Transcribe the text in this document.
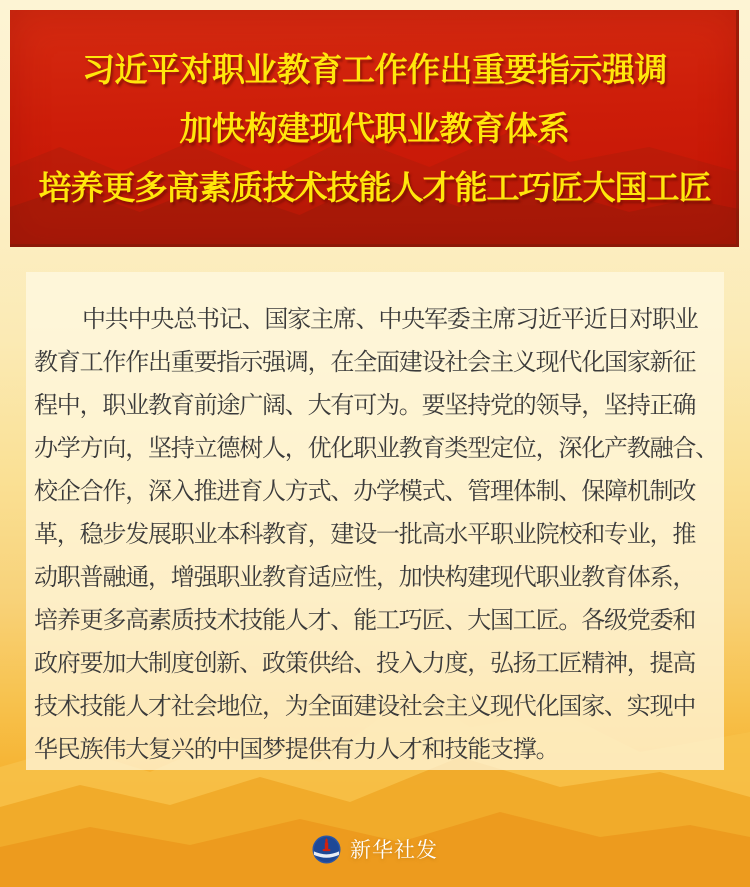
习近平对职业教育工作作出重要指示强调
加快构建现代职业教育体系
培养更多高素质技术技能人才能工巧匠大国工匠

中共中央总书记、国家主席、中央军委主席习近平近日对职业

教育工作作出重要指示强调，在全面建设社会主义现代化国家新征

程中，职业教育前途广阔、大有可为。要坚持党的领导，坚持正确

办学方向，坚持立德树人，优化职业教育类型定位，深化产教融合、

校企合作，深入推进育人方式、办学模式、管理体制、保障机制改

革，稳步发展职业本科教育，建设一批高水平职业院校和专业，推

动职普融通，增强职业教育适应性，加快构建现代职业教育体系，

培养更多高素质技术技能人才、能工巧匠、大国工匠。各级党委和

政府要加大制度创新、政策供给、投入力度，弘扬工匠精神，提高

技术技能人才社会地位，为全面建设社会主义现代化国家、实现中

华民族伟大复兴的中国梦提供有力人才和技能支撑。

新华社发
